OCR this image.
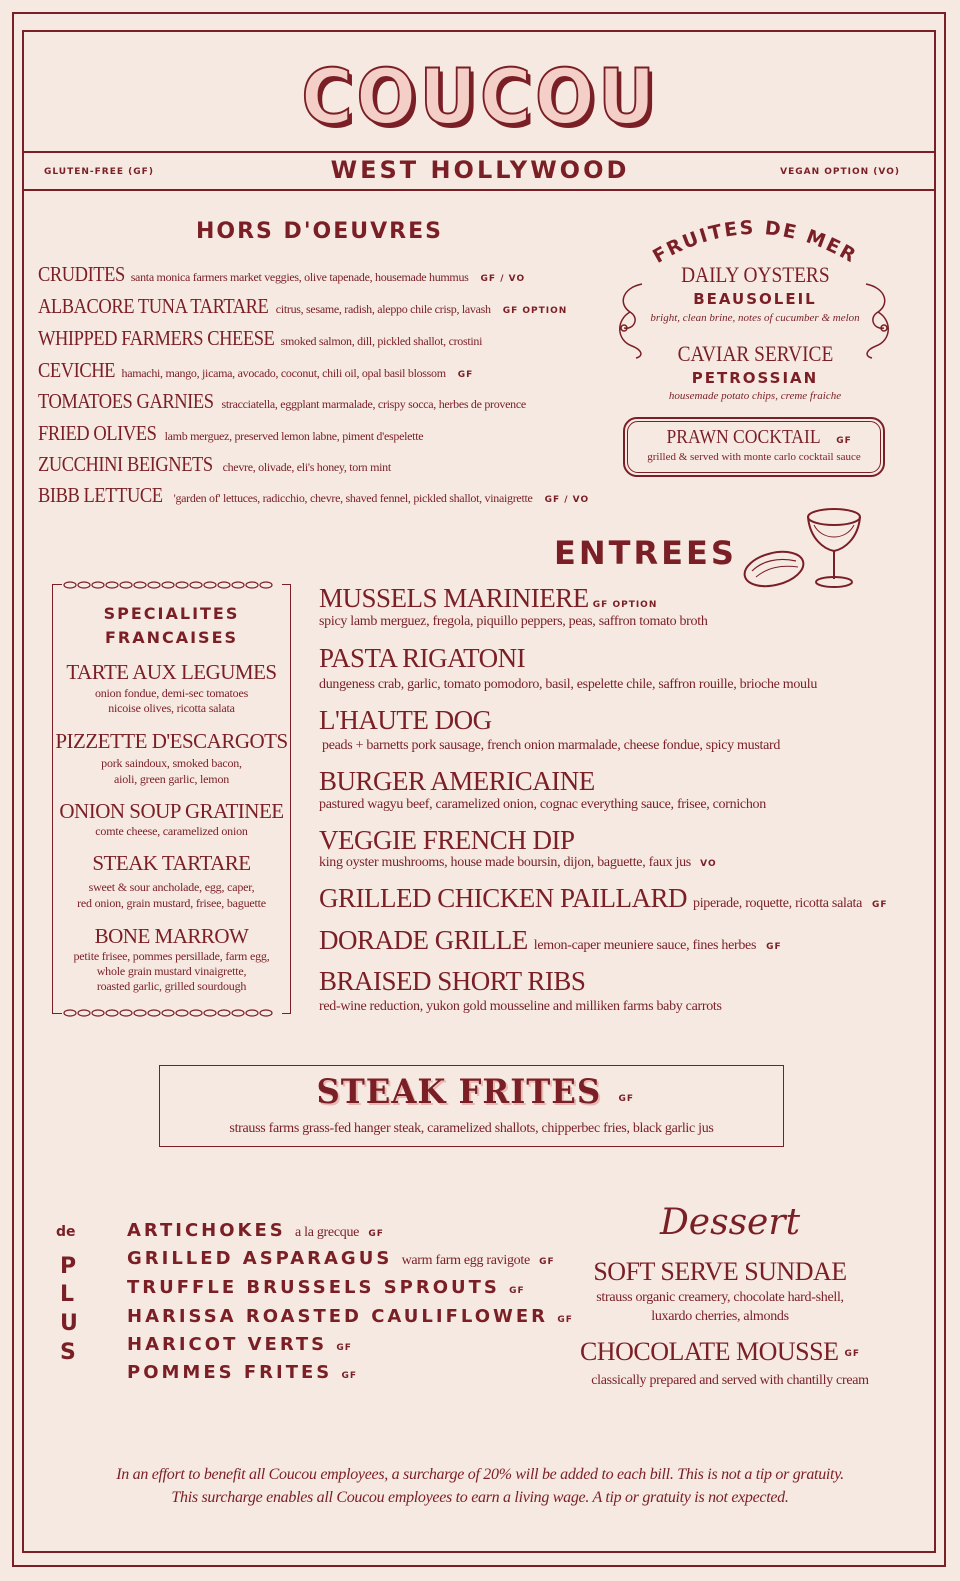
COUCOU
GLUTEN-FREE (GF)	WEST HOLLYWOOD	VEGAN OPTION (VO)
HORS D'OEUVRES
CRUDITES santa monica farmers market veggies, olive tapenade, housemade hummus GF / VO
ALBACORE TUNA TARTARE citrus, sesame, radish, aleppo chile crisp, lavash GF OPTION
WHIPPED FARMERS CHEESE smoked salmon, dill, pickled shallot, crostini
CEVICHE hamachi, mango, jicama, avocado, coconut, chili oil, opal basil blossom GF
TOMATOES GARNIES stracciatella, eggplant marmalade, crispy socca, herbes de provence
FRIED OLIVES lamb merguez, preserved lemon labne, piment d'espelette
ZUCCHINI BEIGNETS chevre, olivade, eli's honey, torn mint
BIBB LETTUCE 'garden of' lettuces, radicchio, chevre, shaved fennel, pickled shallot, vinaigrette GF / VO
FRUITES DE MER
DAILY OYSTERS
BEAUSOLEIL
bright, clean brine, notes of cucumber & melon
CAVIAR SERVICE
PETROSSIAN
housemade potato chips, creme fraiche
PRAWN COCKTAIL GF
grilled & served with monte carlo cocktail sauce
ENTREES
MUSSELS MARINIERE GF OPTION
spicy lamb merguez, fregola, piquillo peppers, peas, saffron tomato broth
PASTA RIGATONI
dungeness crab, garlic, tomato pomodoro, basil, espelette chile, saffron rouille, brioche moulu
L'HAUTE DOG
peads + barnetts pork sausage, french onion marmalade, cheese fondue, spicy mustard
BURGER AMERICAINE
pastured wagyu beef, caramelized onion, cognac everything sauce, frisee, cornichon
VEGGIE FRENCH DIP
king oyster mushrooms, house made boursin, dijon, baguette, faux jus VO
GRILLED CHICKEN PAILLARD piperade, roquette, ricotta salata GF
DORADE GRILLE lemon-caper meuniere sauce, fines herbes GF
BRAISED SHORT RIBS
red-wine reduction, yukon gold mousseline and milliken farms baby carrots
SPECIALITES
FRANCAISES
TARTE AUX LEGUMES
onion fondue, demi-sec tomatoes
nicoise olives, ricotta salata
PIZZETTE D'ESCARGOTS
pork saindoux, smoked bacon,
aioli, green garlic, lemon
ONION SOUP GRATINEE
comte cheese, caramelized onion
STEAK TARTARE
sweet & sour ancholade, egg, caper,
red onion, grain mustard, frisee, baguette
BONE MARROW
petite frisee, pommes persillade, farm egg,
whole grain mustard vinaigrette,
roasted garlic, grilled sourdough
STEAK FRITES GF
strauss farms grass-fed hanger steak, caramelized shallots, chipperbec fries, black garlic jus
de
P
L
U
S
ARTICHOKES a la grecque GF
GRILLED ASPARAGUS warm farm egg ravigote GF
TRUFFLE BRUSSELS SPROUTS GF
HARISSA ROASTED CAULIFLOWER GF
HARICOT VERTS GF
POMMES FRITES GF
Dessert
SOFT SERVE SUNDAE
strauss organic creamery, chocolate hard-shell,
luxardo cherries, almonds
CHOCOLATE MOUSSE GF
classically prepared and served with chantilly cream
In an effort to benefit all Coucou employees, a surcharge of 20% will be added to each bill. This is not a tip or gratuity.
This surcharge enables all Coucou employees to earn a living wage. A tip or gratuity is not expected.
